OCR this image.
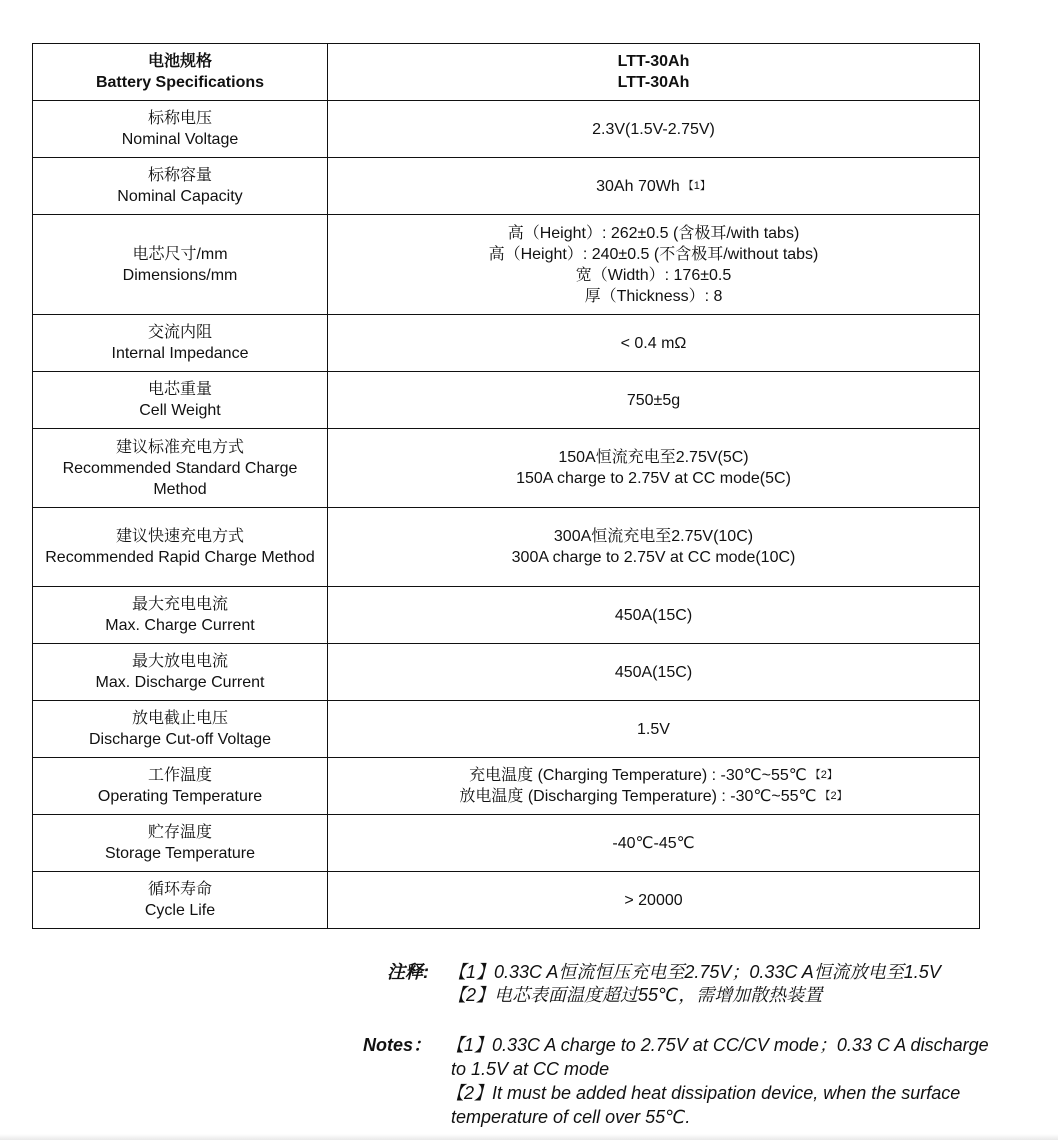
电池规格
Battery Specifications	LTT-30Ah
LTT-30Ah

标称电压
Nominal Voltage	2.3V(1.5V-2.75V)

标称容量
Nominal Capacity	30Ah 70Wh $^{【1】}$

电芯尺寸/mm
Dimensions/mm	高（Height）: 262±0.5 (含极耳/with tabs)
高（Height）: 240±0.5 (不含极耳/without tabs)
宽（Width）: 176±0.5
厚（Thickness）: 8

交流内阻
Internal Impedance	< 0.4 mΩ

电芯重量
Cell Weight	750±5g

建议标准充电方式
Recommended Standard Charge Method	150A恒流充电至2.75V(5C)
150A charge to 2.75V at CC mode(5C)

建议快速充电方式
Recommended Rapid Charge Method	300A恒流充电至2.75V(10C)
300A charge to 2.75V at CC mode(10C)

最大充电电流
Max. Charge Current	450A(15C)

最大放电电流
Max. Discharge Current	450A(15C)

放电截止电压
Discharge Cut-off Voltage	1.5V

工作温度
Operating Temperature	充电温度 (Charging Temperature) : -30℃~55℃ $^{【2】}$
放电温度 (Discharging Temperature) : -30℃~55℃ $^{【2】}$

贮存温度
Storage Temperature	-40℃-45℃

循环寿命
Cycle Life	> 20000
注释: 【1】0.33C A恒流恒压充电至2.75V；0.33C A恒流放电至1.5V
【2】电芯表面温度超过55℃，需增加散热装置
Notes： 【1】0.33C A charge to 2.75V at CC/CV mode；0.33 C A discharge
to 1.5V at CC mode
【2】It must be added heat dissipation device, when the surface
temperature of cell over 55℃.
